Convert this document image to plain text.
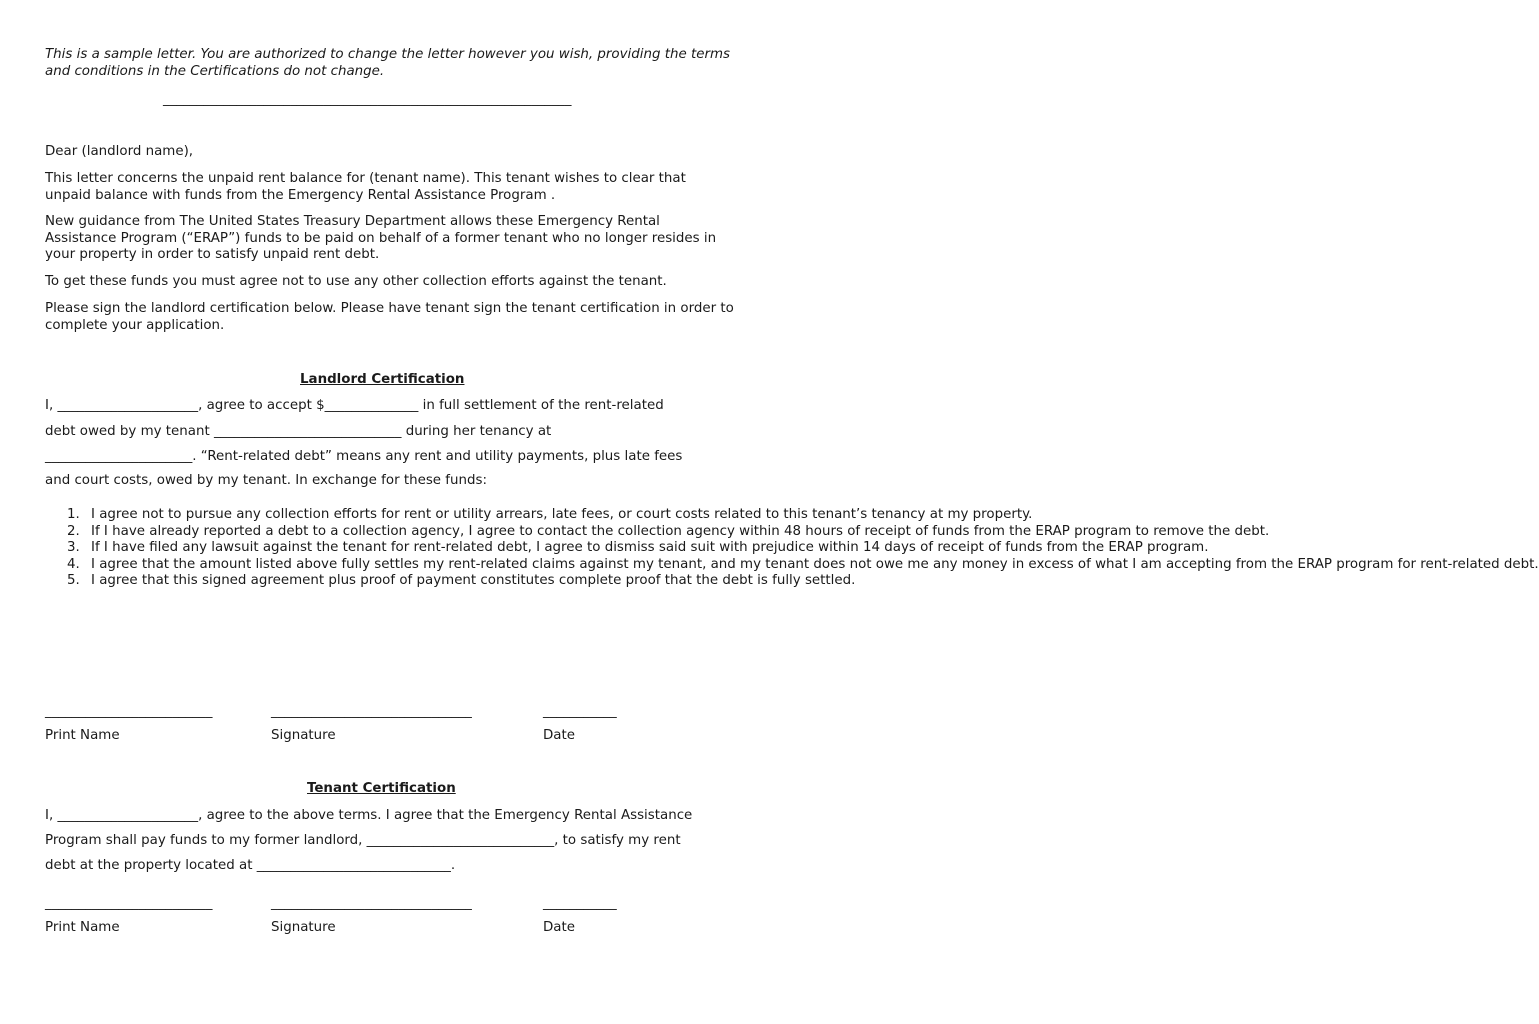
This is a sample letter. You are authorized to change the letter however you wish, providing the terms and conditions in the Certifications do not change.
_____________________________________________________________
Dear (landlord name),
This letter concerns the unpaid rent balance for (tenant name). This tenant wishes to clear that unpaid balance with funds from the Emergency Rental Assistance Program .
New guidance from The United States Treasury Department allows these Emergency Rental Assistance Program (“ERAP”) funds to be paid on behalf of a former tenant who no longer resides in your property in order to satisfy unpaid rent debt.
To get these funds you must agree not to use any other collection efforts against the tenant.
Please sign the landlord certification below. Please have tenant sign the tenant certification in order to complete your application.
Landlord Certification
I, _____________________, agree to accept $______________ in full settlement of the rent-related
debt owed by my tenant ____________________________ during her tenancy at
______________________. “Rent-related debt” means any rent and utility payments, plus late fees
and court costs, owed by my tenant. In exchange for these funds:
1. I agree not to pursue any collection efforts for rent or utility arrears, late fees, or court costs related to this tenant’s tenancy at my property.
2. If I have already reported a debt to a collection agency, I agree to contact the collection agency within 48 hours of receipt of funds from the ERAP program to remove the debt.
3. If I have filed any lawsuit against the tenant for rent-related debt, I agree to dismiss said suit with prejudice within 14 days of receipt of funds from the ERAP program.
4. I agree that the amount listed above fully settles my rent-related claims against my tenant, and my tenant does not owe me any money in excess of what I am accepting from the ERAP program for rent-related debt.
5. I agree that this signed agreement plus proof of payment constitutes complete proof that the debt is fully settled.
_________________________	______________________________	___________
Print Name	Signature	Date
Tenant Certification
I, _____________________, agree to the above terms. I agree that the Emergency Rental Assistance
Program shall pay funds to my former landlord, ____________________________, to satisfy my rent
debt at the property located at _____________________________.
_________________________	______________________________	___________
Print Name	Signature	Date
